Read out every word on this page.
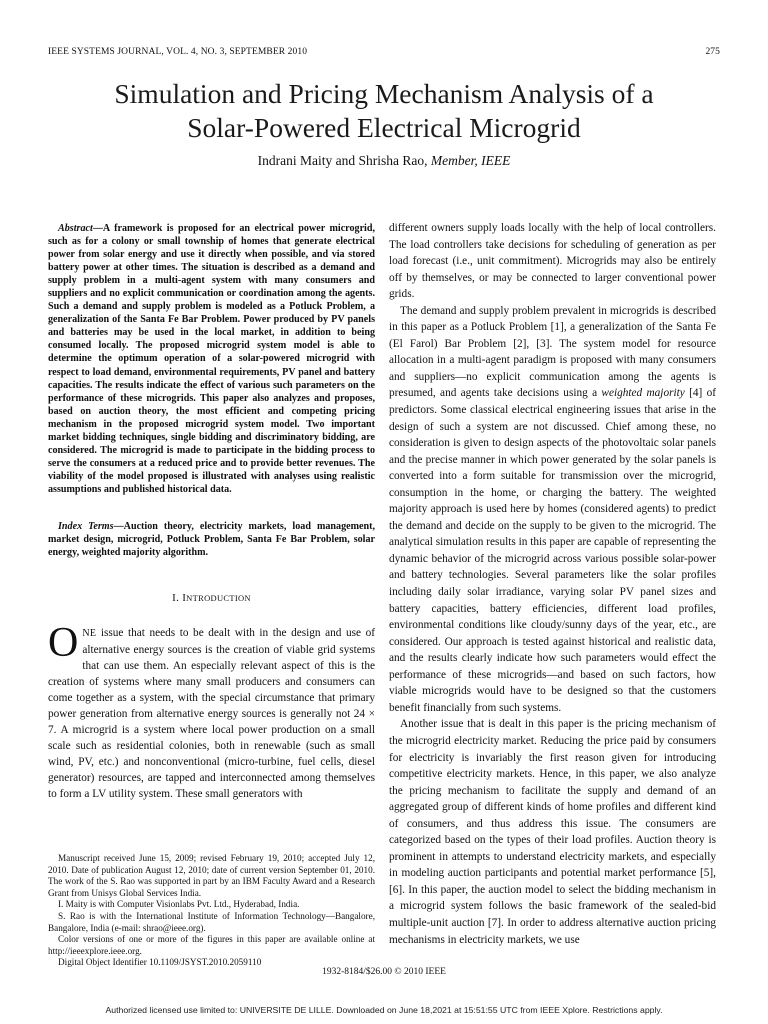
IEEE SYSTEMS JOURNAL, VOL. 4, NO. 3, SEPTEMBER 2010	275
Simulation and Pricing Mechanism Analysis of a
Solar-Powered Electrical Microgrid
Indrani Maity and Shrisha Rao, Member, IEEE

Abstract—A framework is proposed for an electrical power microgrid, such as for a colony or small township of homes that generate electrical power from solar energy and use it directly when possible, and via stored battery power at other times. The situation is described as a demand and supply problem in a multi-agent system with many consumers and suppliers and no explicit communication or coordination among the agents. Such a demand and supply problem is modeled as a Potluck Problem, a generalization of the Santa Fe Bar Problem. Power produced by PV panels and batteries may be used in the local market, in addition to being consumed locally. The proposed microgrid system model is able to determine the optimum operation of a solar-powered microgrid with respect to load demand, environmental requirements, PV panel and battery capacities. The results indicate the effect of various such parameters on the performance of these microgrids. This paper also analyzes and proposes, based on auction theory, the most efficient and competing pricing mechanism in the proposed microgrid system model. Two important market bidding techniques, single bidding and discriminatory bidding, are considered. The microgrid is made to participate in the bidding process to serve the consumers at a reduced price and to provide better revenues. The viability of the model proposed is illustrated with analyses using realistic assumptions and published historical data.

Index Terms—Auction theory, electricity markets, load management, market design, microgrid, Potluck Problem, Santa Fe Bar Problem, solar energy, weighted majority algorithm.
I. INTRODUCTION

ONE issue that needs to be dealt with in the design and use of alternative energy sources is the creation of viable grid systems that can use them. An especially relevant aspect of this is the creation of systems where many small producers and consumers can come together as a system, with the special circumstance that primary power generation from alternative energy sources is generally not 24 × 7. A microgrid is a system where local power production on a small scale such as residential colonies, both in renewable (such as small wind, PV, etc.) and nonconventional (micro-turbine, fuel cells, diesel generator) resources, are tapped and interconnected among themselves to form a LV utility system. These small generators with

Manuscript received June 15, 2009; revised February 19, 2010; accepted July 12, 2010. Date of publication August 12, 2010; date of current version September 01, 2010. The work of the S. Rao was supported in part by an IBM Faculty Award and a Research Grant from Unisys Global Services India.

I. Maity is with Computer Visionlabs Pvt. Ltd., Hyderabad, India.

S. Rao is with the International Institute of Information Technology—Bangalore, Bangalore, India (e-mail: shrao@ieee.org).

Color versions of one or more of the figures in this paper are available online at http://ieeexplore.ieee.org.

Digital Object Identifier 10.1109/JSYST.2010.2059110

different owners supply loads locally with the help of local controllers. The load controllers take decisions for scheduling of generation as per load forecast (i.e., unit commitment). Microgrids may also be entirely off by themselves, or may be connected to larger conventional power grids.

The demand and supply problem prevalent in microgrids is described in this paper as a Potluck Problem [1], a generalization of the Santa Fe (El Farol) Bar Problem [2], [3]. The system model for resource allocation in a multi-agent paradigm is proposed with many consumers and suppliers—no explicit communication among the agents is presumed, and agents take decisions using a weighted majority [4] of predictors. Some classical electrical engineering issues that arise in the design of such a system are not discussed. Chief among these, no consideration is given to design aspects of the photovoltaic solar panels and the precise manner in which power generated by the solar panels is converted into a form suitable for transmission over the microgrid, consumption in the home, or charging the battery. The weighted majority approach is used here by homes (considered agents) to predict the demand and decide on the supply to be given to the microgrid. The analytical simulation results in this paper are capable of representing the dynamic behavior of the microgrid across various possible solar-power and battery technologies. Several parameters like the solar profiles including daily solar irradiance, varying solar PV panel sizes and battery capacities, battery efficiencies, different load profiles, environmental conditions like cloudy/sunny days of the year, etc., are considered. Our approach is tested against historical and realistic data, and the results clearly indicate how such parameters would effect the performance of these microgrids—and based on such factors, how viable microgrids would have to be designed so that the customers benefit financially from such systems.

Another issue that is dealt in this paper is the pricing mechanism of the microgrid electricity market. Reducing the price paid by consumers for electricity is invariably the first reason given for introducing competitive electricity markets. Hence, in this paper, we also analyze the pricing mechanism to facilitate the supply and demand of an aggregated group of different kinds of home profiles and different kind of consumers, and thus address this issue. The consumers are categorized based on the types of their load profiles. Auction theory is prominent in attempts to understand electricity markets, and especially in modeling auction participants and potential market performance [5], [6]. In this paper, the auction model to select the bidding mechanism in a microgrid system follows the basic framework of the sealed-bid multiple-unit auction [7]. In order to address alternative auction pricing mechanisms in electricity markets, we use

1932-8184/$26.00 © 2010 IEEE
Authorized licensed use limited to: UNIVERSITE DE LILLE. Downloaded on June 18,2021 at 15:51:55 UTC from IEEE Xplore. Restrictions apply.
